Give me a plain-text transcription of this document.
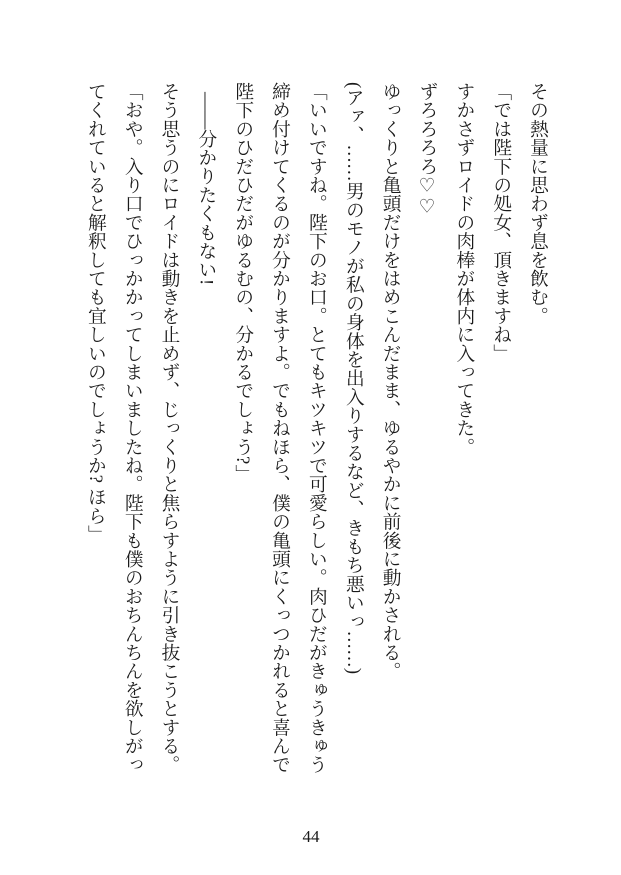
その熱量に思わず息を飲む。
「では陛下の処女、頂きますね」
すかさずロイドの肉棒が体内に入ってきた。
ずろろろろ♡♡
ゆっくりと亀頭だけをはめこんだまま、ゆるやかに前後に動かされる。
(アァ、……男のモノが私の身体を出入りするなど、きもち悪いっ……)
「いいですね。陛下のお口。とてもキツキツで可愛らしい。肉ひだがきゅうきゅう
締め付けてくるのが分かりますよ。でもねほら、僕の亀頭にくっつかれると喜んで
陛下のひだひだがゆるむの、分かるでしょう?」
――分かりたくもない!
そう思うのにロイドは動きを止めず、じっくりと焦らすように引き抜こうとする。
「おや。入り口でひっかかってしまいましたね。陛下も僕のおちんちんを欲しがっ
てくれていると解釈しても宜しいのでしょうか? ほら」
44
